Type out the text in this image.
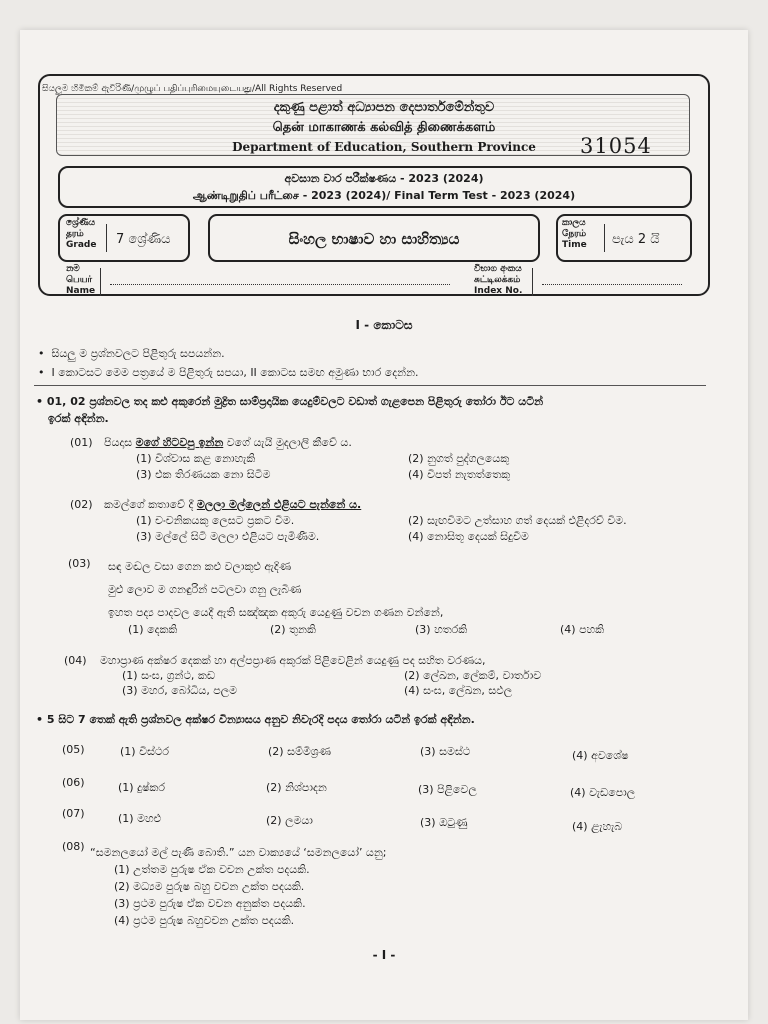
සියලුම හිමිකම් ඇවිරිණි/முழுப் பதிப்புரிமையுடையது/All Rights Reserved
දකුණු පළාත් අධ්‍යාපන දෙපාර්තමේන්තුව
தென் மாகாணக் கல்வித் திணைக்களம்
Department of Education, Southern Province	31054
අවසාන වාර පරීක්ෂණය - 2023 (2024)
ஆண்டிறுதிப் பரீட்சை - 2023 (2024)/ Final Term Test - 2023 (2024)
ශ්‍රේණිය
தரம்
Grade 7 ශ්‍රේණිය	සිංහල භාෂාව හා සාහිත්‍යය
කාලය
நேரம்
Time පැය 2 යි
නම
பெயர்
Name
විභාග අංකය
சுட்டிலக்கம்
Index No.
I - කොටස
•  සියලු ම ප්‍රශ්නවලට පිළිතුරු සපයන්න.
•  I කොටසට මෙම පත්‍රයේ ම පිළිතුරු සපයා, II කොටස සමඟ අමුණා භාර දෙන්න.
• 01, 02 ප්‍රශ්නවල තද කළු අකුරෙන් මුද්‍රිත සාම්ප්‍රදායික යෙදුම්වලට වඩාත් ගැළපෙන පිළිතුරු තෝරා ඊට යටින්
ඉරක් අඳින්න.
(01) පියදාස මගේ හිටවපු ඉන්න වගේ යැයි මුදලාලි කීවේ ය.
(1) විශ්වාස කළ නොහැකි	(2) නුගත් පුද්ගලයෙකු
(3) එක තිරණයක නො සිටීම	(4) විපත් නැතත්තෙකු
(02) කමල්ගේ කතාවේ දී මලලා මල්ලෙන් එළියට පැන්නේ ය.
(1) චංචනිකයකු ලෙසට ප්‍රකට වීම.	(2) සැඟවීමට උත්සාහ ගත් දෙයක් එළිදරව් වීම.
(3) මල්ලේ සිටි මලලා එළියට පැමිණීම.	(4) නොසිතූ දෙයක් සිදුවීම
(03) සඳ මඬල වසා ගෙන කළු වලාකුළු ඇදිණ
මුළු ලොව ම ගනඳුරින් පටලවා ගනු ලැබිණ
ඉහත පද්‍ය පාදවල යෙදී ඇති සඤ්ඤක අකුරු යෙදුණු වචන ගණන වන්නේ,
(1) දෙකකි	(2) තුනකි	(3) හතරකි	(4) පහකි
(04) මහාප්‍රාණ අක්ෂර දෙකක් හා අල්පප්‍රාණ අකුරක් පිළිවෙළින් යෙදුණු පද සහිත වරණය,
(1) සංඝ, ග්‍රන්ථ, කඩ	(2) ලේඛන, ලේකම්, වාර්තාව
(3) මහර, බෝධිය, පලම	(4) සංඝ, ලේඛන, සඵල
• 5 සිට 7 තෙක් ඇති ප්‍රශ්නවල අක්ෂර වින්‍යාසය අනුව නිවැරදි පදය තෝරා යටින් ඉරක් අඳින්න.
(05)	(1) විස්ථර	(2) සම්මිශ්‍රණ	(3) සමස්ථ	(4) අවශේෂ
(06)	(1) දුෂ්කර	(2) නිශ්පාදන	(3) පිළිවෙල	(4) වැඩපොල
(07)	(1) මහළු	(2) ලමයා	(3) ඔටුණු	(4) ළැහැබ
(08) “සමනලයෝ මල් පැණි බොති.” යන වාක්‍යයේ ‘සමනලයෝ’ යනු;
(1) උත්තම පුරුෂ ඒක වචන උක්ත පදයකි.
(2) මධ්‍යම පුරුෂ බහු වචන උක්ත පදයකි.
(3) ප්‍රථම පුරුෂ ඒක වචන අනුක්ත පදයකි.
(4) ප්‍රථම පුරුෂ බහුවචන උක්ත පදයකි.
- I -
